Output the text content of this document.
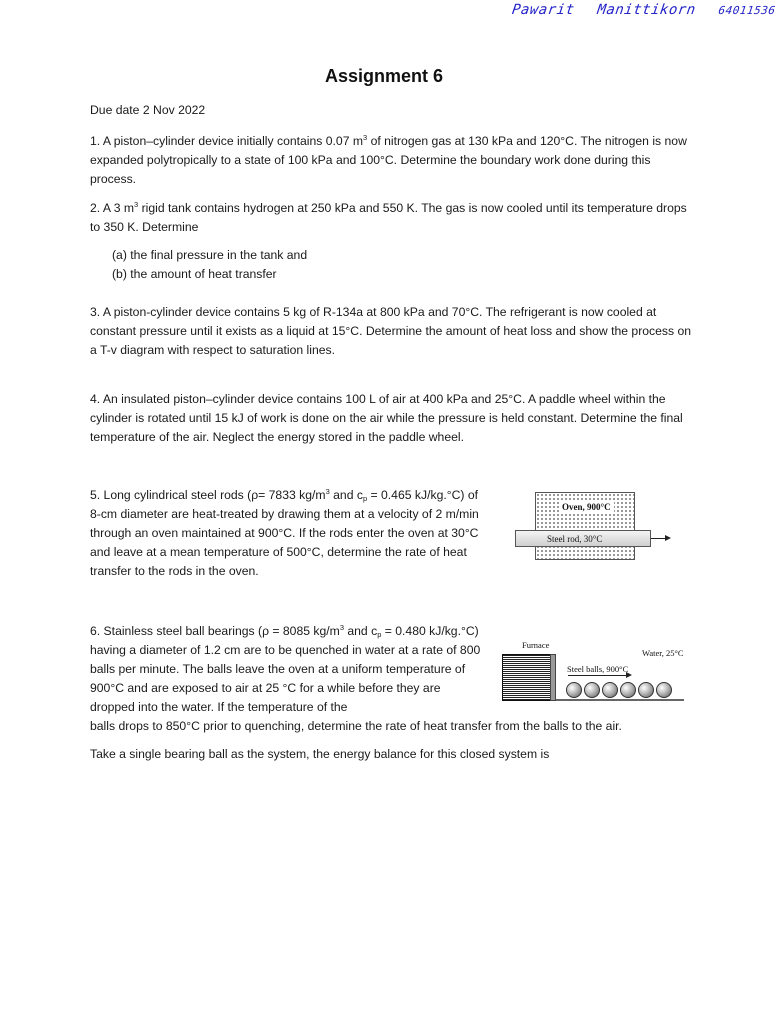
Pawarit Manittikorn 64011536
Assignment 6
Due date 2 Nov 2022

1. A piston–cylinder device initially contains 0.07 $m^3$ of nitrogen gas at 130 kPa and 120°C. The nitrogen is now expanded polytropically to a state of 100 kPa and 100°C. Determine the boundary work done during this process.

2. A 3 $m^3$ rigid tank contains hydrogen at 250 kPa and 550 K. The gas is now cooled until its temperature drops to 350 K. Determine

(a) the final pressure in the tank and
(b) the amount of heat transfer

3. A piston-cylinder device contains 5 kg of R-134a at 800 kPa and 70°C. The refrigerant is now cooled at constant pressure until it exists as a liquid at 15°C. Determine the amount of heat loss and show the process on a T-v diagram with respect to saturation lines.

4. An insulated piston–cylinder device contains 100 L of air at 400 kPa and 25°C. A paddle wheel within the cylinder is rotated until 15 kJ of work is done on the air while the pressure is held constant. Determine the final temperature of the air. Neglect the energy stored in the paddle wheel.

5. Long cylindrical steel rods (ρ= 7833 $kg/m^3$ and $c_p = 0.465$ kJ/kg.°C) of 8-cm diameter are heat-treated by drawing them at a velocity of 2 m/min through an oven maintained at 900°C. If the rods enter the oven at 30°C and leave at a mean temperature of 500°C, determine the rate of heat transfer to the rods in the oven.

Oven, 900°C
Steel rod, 30°C

6. Stainless steel ball bearings (ρ = 8085 $kg/m^3$ and $c_p = 0.480$ kJ/kg.°C) having a diameter of 1.2 cm are to be quenched in water at a rate of 800 balls per minute. The balls leave the oven at a uniform temperature of 900°C and are exposed to air at 25 °C for a while before they are dropped into the water. If the temperature of the

balls drops to 850°C prior to quenching, determine the rate of heat transfer from the balls to the air.

Furnace
Water, 25°C
Steel balls, 900°C
Take a single bearing ball as the system, the energy balance for this closed system is
